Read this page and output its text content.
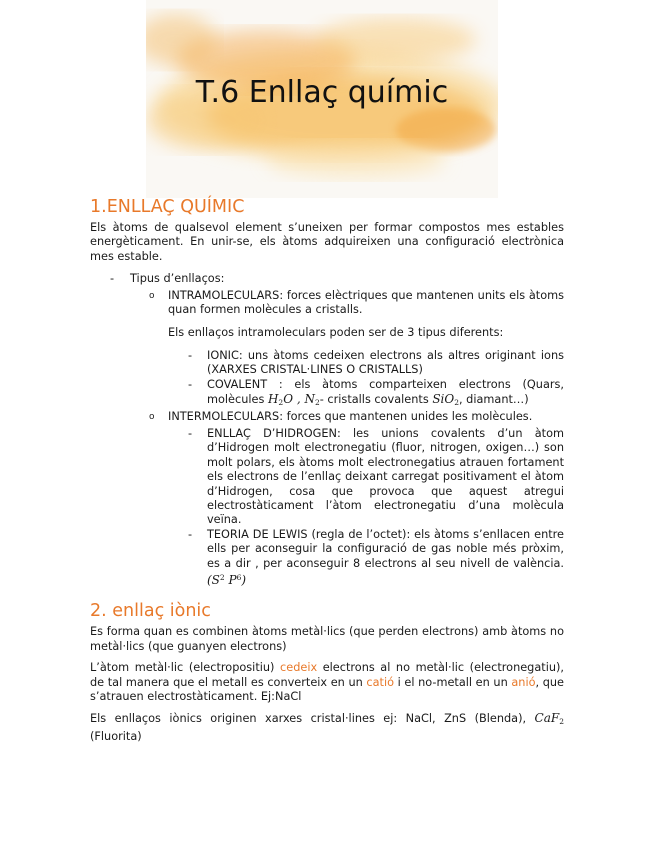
T.6 Enllaç químic
1.ENLLAÇ QUÍMIC

Els àtoms de qualsevol element s’uneixen per formar compostos mes estables energèticament. En unir-se, els àtoms adquireixen una configuració electrònica mes estable.

- Tipus d’enllaços:
o INTRAMOLECULARS: forces elèctriques que mantenen units els àtoms quan formen molècules a cristalls.

Els enllaços intramoleculars poden ser de 3 tipus diferents:

- IONIC: uns àtoms cedeixen electrons als altres originant ions (XARXES CRISTAL·LINES O CRISTALLS)
- COVALENT : els àtoms comparteixen electrons (Quars, molècules $H_2O$ , $N_2-$ cristalls covalents SiO$_2$, diamant…)
o INTERMOLECULARS: forces que mantenen unides les molècules.
- ENLLAÇ D’HIDROGEN: les unions covalents d’un àtom d’Hidrogen molt electronegatiu (fluor, nitrogen, oxigen…) son molt polars, els àtoms molt electronegatius atrauen fortament els electrons de l’enllaç deixant carregat positivament el àtom d’Hidrogen, cosa que provoca que aquest atregui electrostàticament l’àtom electronegatiu d’una molècula veïna.
- TEORIA DE LEWIS (regla de l’octet): els àtoms s’enllacen entre ells per aconseguir la configuració de gas noble més pròxim, es a dir , per aconseguir 8 electrons al seu nivell de valència. ($S^2$ $P^6$)
2. enllaç iònic

Es forma quan es combinen àtoms metàl·lics (que perden electrons) amb àtoms no metàl·lics (que guanyen electrons)

L’àtom metàl·lic (electropositiu) cedeix electrons al no metàl·lic (electronegatiu), de tal manera que el metall es converteix en un catió i el no-metall en un anió, que s’atrauen electrostàticament. Ej:NaCl

Els enllaços iònics originen xarxes cristal·lines ej: NaCl, ZnS (Blenda), CaF$_2$ (Fluorita)
